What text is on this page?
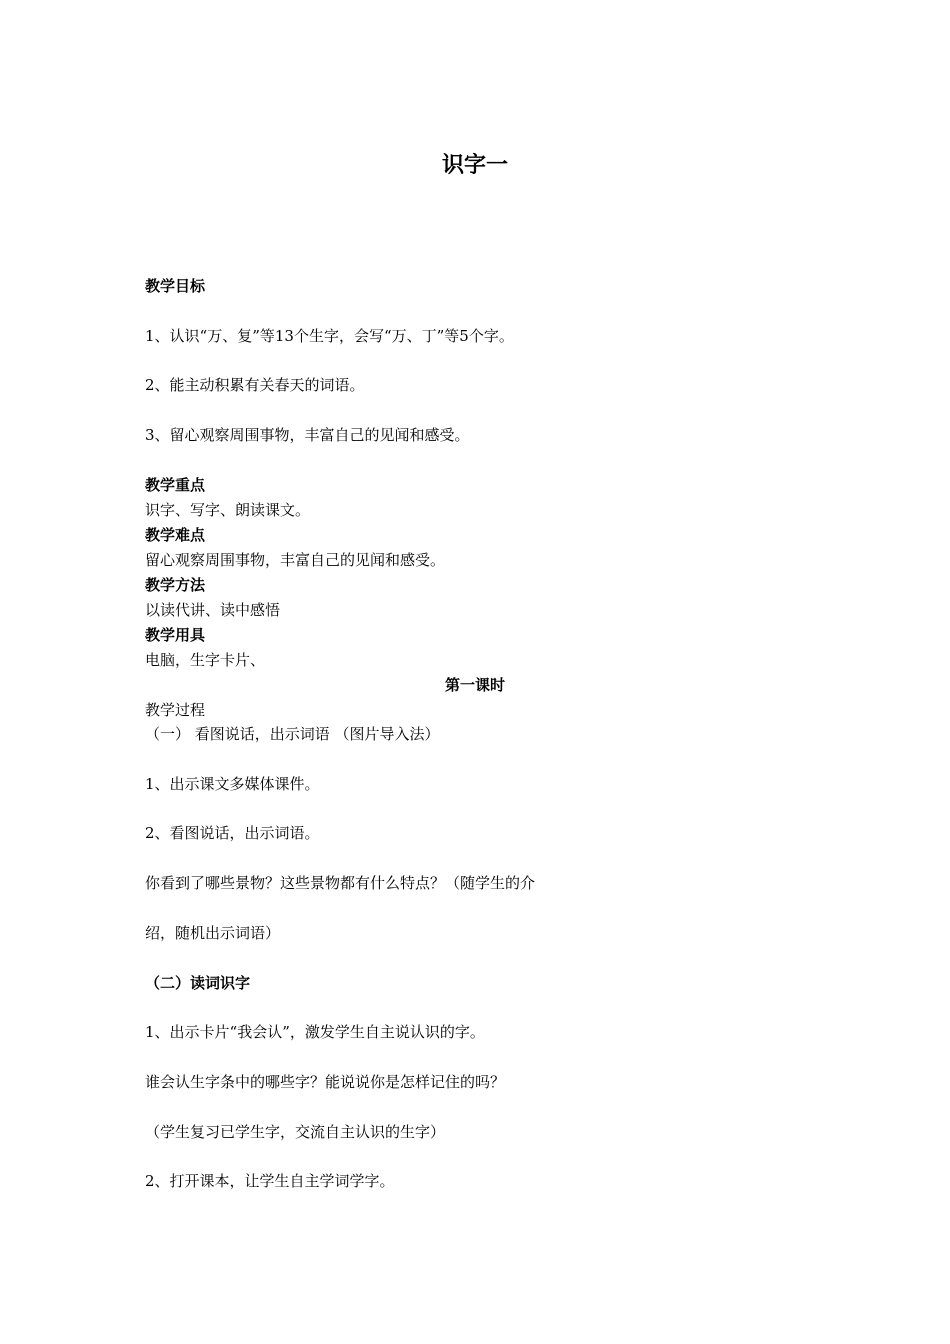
识字一
教学目标
1、认识“万、复”等13个生字，会写“万、丁”等5个字。
2、能主动积累有关春天的词语。
3、留心观察周围事物，丰富自己的见闻和感受。
教学重点
识字、写字、朗读课文。
教学难点
留心观察周围事物，丰富自己的见闻和感受。
教学方法
以读代讲、读中感悟
教学用具
电脑，生字卡片、
第一课时
教学过程
（一） 看图说话，出示词语 （图片导入法）
1、出示课文多媒体课件。
2、看图说话，出示词语。
你看到了哪些景物？这些景物都有什么特点？（随学生的介
绍，随机出示词语）
（二）读词识字
1、出示卡片“我会认”，激发学生自主说认识的字。
谁会认生字条中的哪些字？能说说你是怎样记住的吗？
（学生复习已学生字，交流自主认识的生字）
2、打开课本，让学生自主学词学字。
